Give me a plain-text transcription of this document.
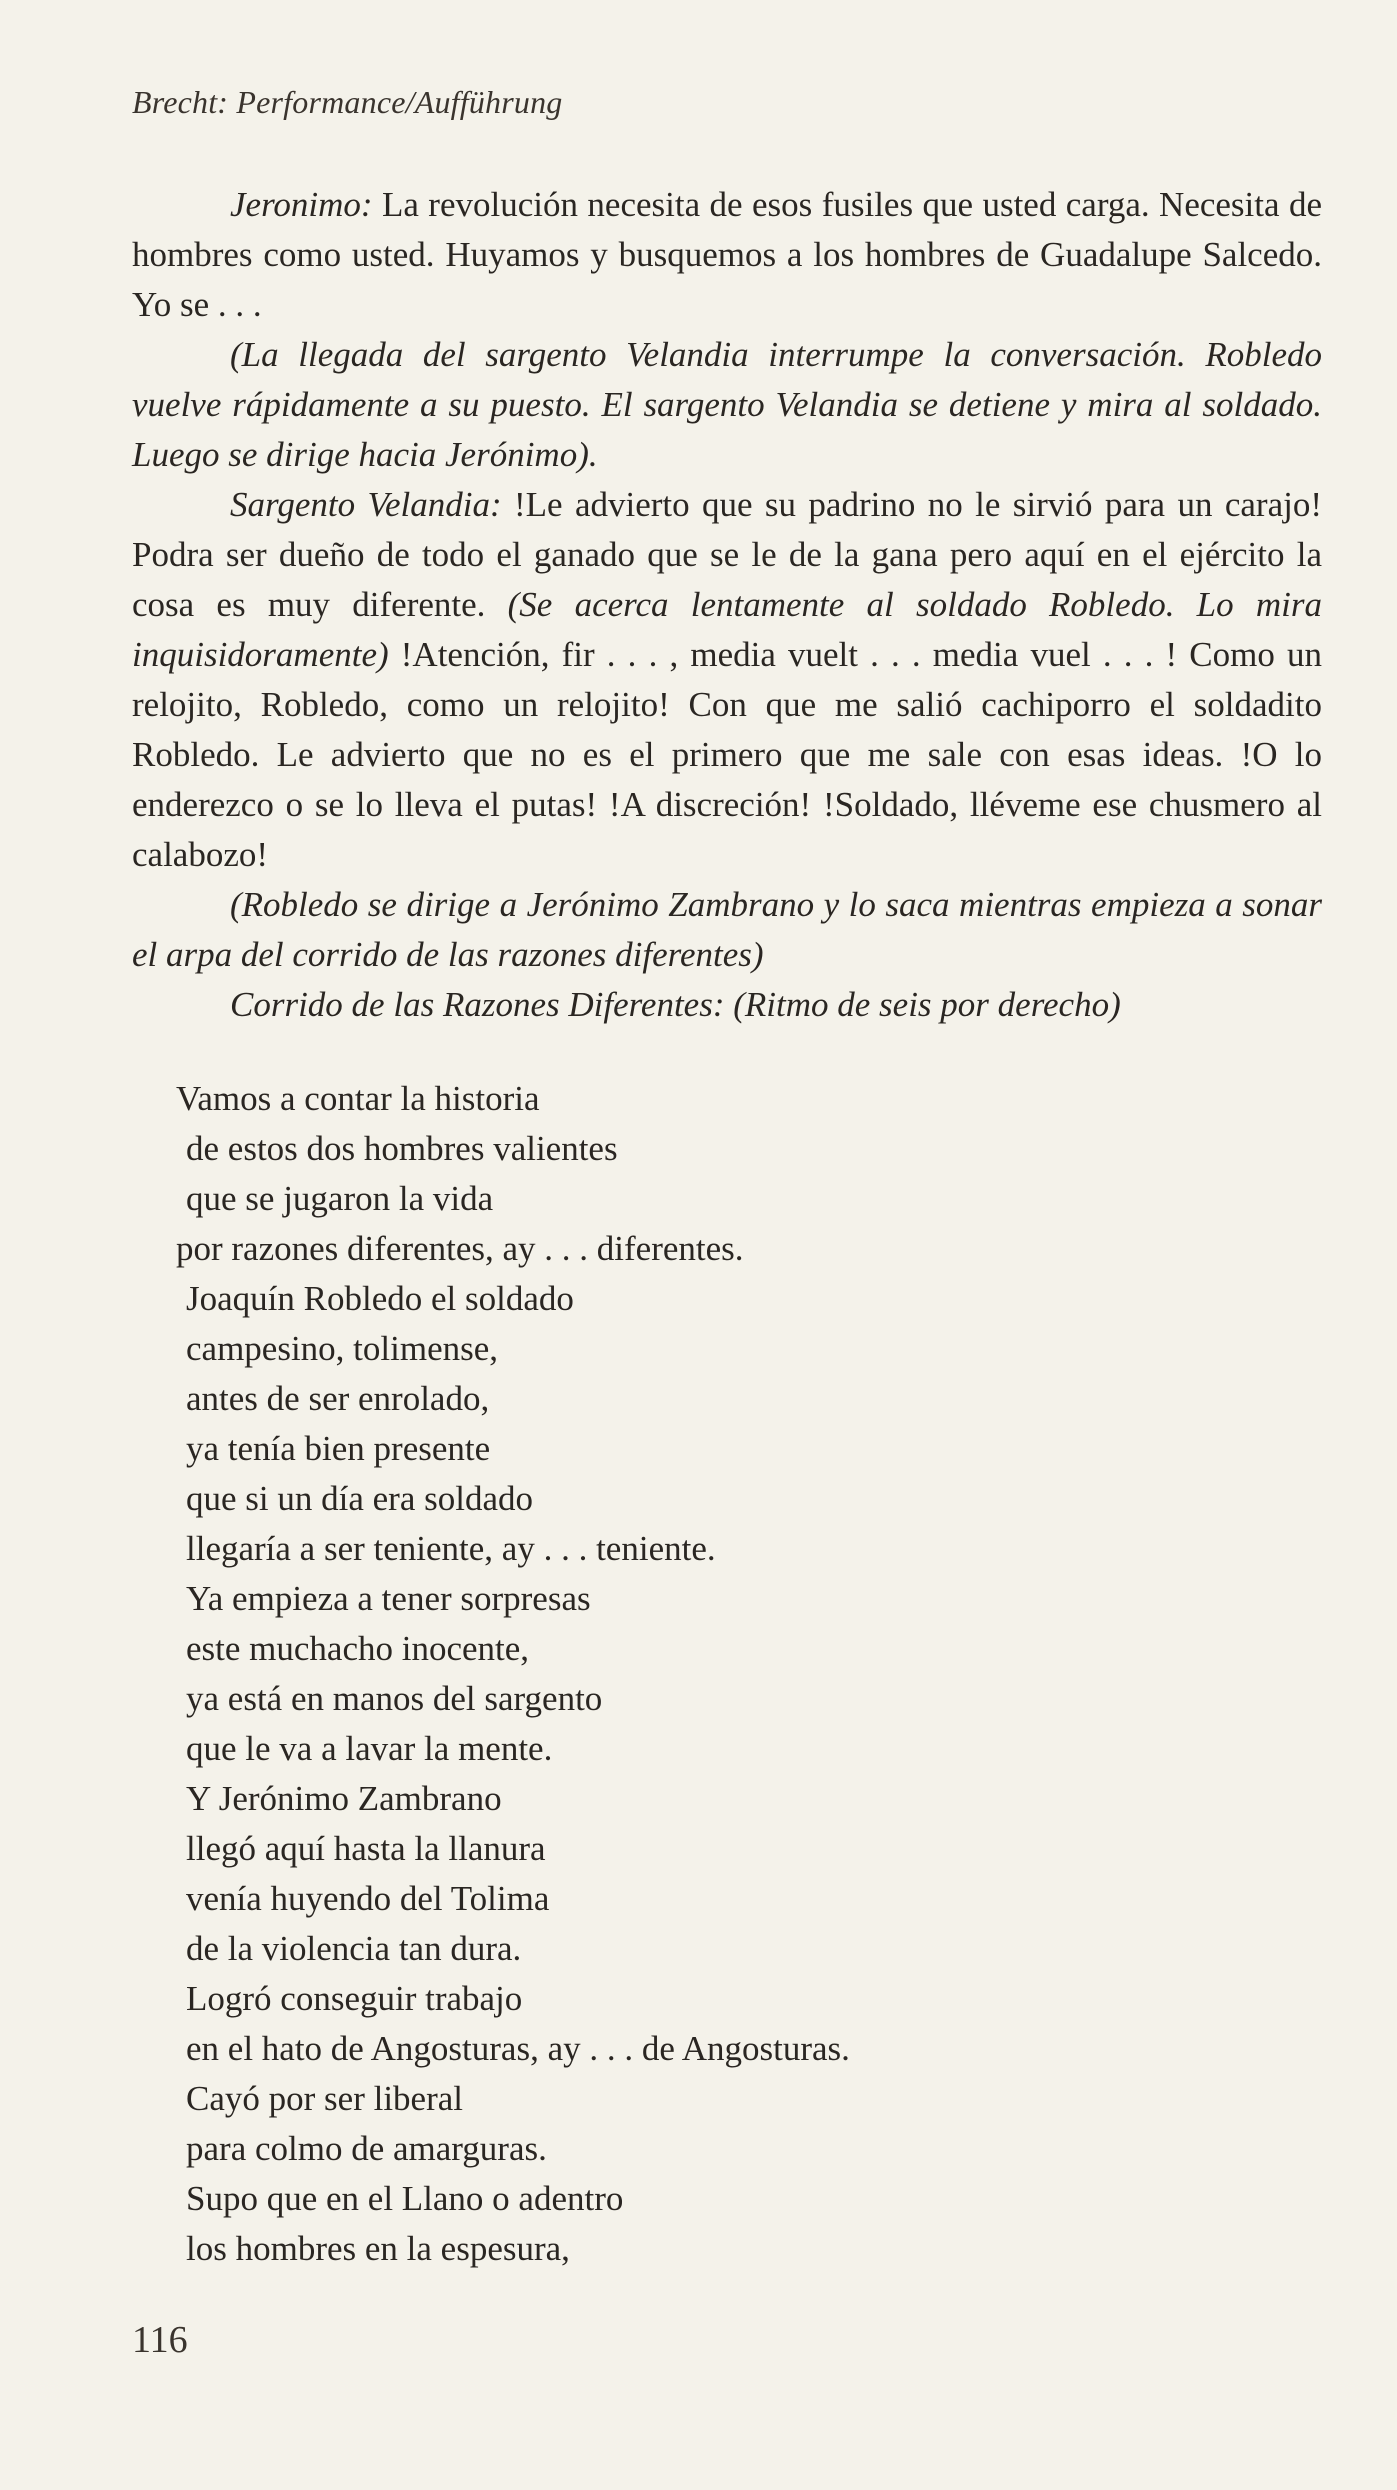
Brecht: Performance/Aufführung

Jeronimo: La revolución necesita de esos fusiles que usted carga. Necesita de hombres como usted. Huyamos y busquemos a los hombres de Guadalupe Salcedo. Yo se . . .

(La llegada del sargento Velandia interrumpe la conversación. Robledo vuelve rápidamente a su puesto. El sargento Velandia se detiene y mira al soldado. Luego se dirige hacia Jerónimo).

Sargento Velandia: !Le advierto que su padrino no le sirvió para un carajo! Podra ser dueño de todo el ganado que se le de la gana pero aquí en el ejército la cosa es muy diferente. (Se acerca lentamente al soldado Robledo. Lo mira inquisidoramente) !Atención, fir . . . , media vuelt . . . media vuel . . . ! Como un relojito, Robledo, como un relojito! Con que me salió cachiporro el soldadito Robledo. Le advierto que no es el primero que me sale con esas ideas. !O lo enderezco o se lo lleva el putas! !A discreción! !Soldado, lléveme ese chusmero al calabozo!

(Robledo se dirige a Jerónimo Zambrano y lo saca mientras empieza a sonar el arpa del corrido de las razones diferentes)

Corrido de las Razones Diferentes: (Ritmo de seis por derecho)

Vamos a contar la historia
de estos dos hombres valientes
que se jugaron la vida
por razones diferentes, ay . . . diferentes.
Joaquín Robledo el soldado
campesino, tolimense,
antes de ser enrolado,
ya tenía bien presente
que si un día era soldado
llegaría a ser teniente, ay . . . teniente.
Ya empieza a tener sorpresas
este muchacho inocente,
ya está en manos del sargento
que le va a lavar la mente.
Y Jerónimo Zambrano
llegó aquí hasta la llanura
venía huyendo del Tolima
de la violencia tan dura.
Logró conseguir trabajo
en el hato de Angosturas, ay . . . de Angosturas.
Cayó por ser liberal
para colmo de amarguras.
Supo que en el Llano o adentro
los hombres en la espesura,
116
